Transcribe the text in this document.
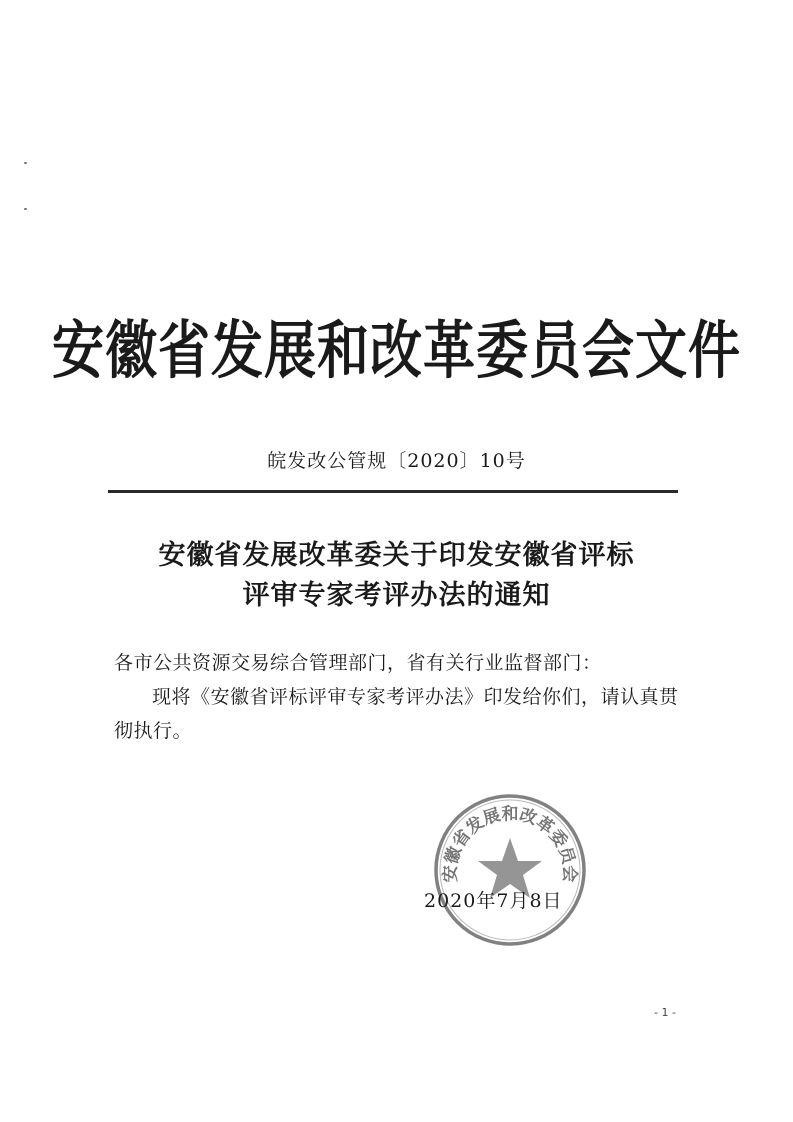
安徽省发展和改革委员会文件
皖发改公管规〔2020〕10号
安徽省发展改革委关于印发安徽省评标
评审专家考评办法的通知

各市公共资源交易综合管理部门，省有关行业监督部门：

现将《安徽省评标评审专家考评办法》印发给你们，请认真贯彻执行。

安徽省发展和改革委员会
2020年7月8日
- 1 -
